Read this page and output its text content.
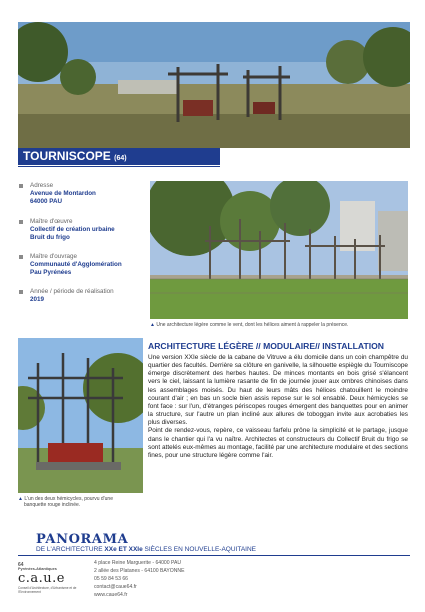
TOURNISCOPE (64)
Adresse
Avenue de Montardon
64000 PAU
Maître d'œuvre
Collectif de création urbaine
Bruit du frigo
Maître d'ouvrage
Communauté d'Agglomération
Pau Pyrénées
Année / période de réalisation
2019
▲ Une architecture légère comme le vent, dont les hélices aiment à rappeler la présence.
▲ L'un des deux hémicycles, pourvu d'une
banquette rouge inclinée.
ARCHITECTURE LÉGÈRE // MODULAIRE// INSTALLATION

Une version XXIe siècle de la cabane de Vitruve a élu domicile dans un coin champêtre du quartier des facultés. Derrière sa clôture en ganivelle, la silhouette espiègle du Tourniscope émerge discrètement des herbes hautes. De minces montants en bois grisé s'élancent vers le ciel, laissant la lumière rasante de fin de journée jouer aux ombres chinoises dans les assemblages moisés. Du haut de leurs mâts des hélices chatouillent le moindre courant d'air ; en bas un socle bien assis repose sur le sol ensablé. Deux hémicycles se font face : sur l'un, d'étranges périscopes rouges émergent des banquettes pour en animer la structure, sur l'autre un plan incliné aux allures de toboggan invite aux acrobaties les plus diverses.

Point de rendez-vous, repère, ce vaisseau farfelu prône la simplicité et le partage, jusque dans le chantier qui l'a vu naître. Architectes et constructeurs du Collectif Bruit du frigo se sont attelés eux-mêmes au montage, facilité par une architecture modulaire et des sections fines, pour une structure légère comme l'air.

PANORAMA
DE L'ARCHITECTURE XXe ET XXIe SIÈCLES EN NOUVELLE-AQUITAINE
64
Pyrénées-Atlantiques
c.a.u.e
Conseil d'Architecture, d'Urbanisme et de l'Environnement
4 place Reine Marguerite - 64000 PAU
2 allée des Platanes - 64100 BAYONNE
05 59 84 53 66
contact@caue64.fr
www.caue64.fr
